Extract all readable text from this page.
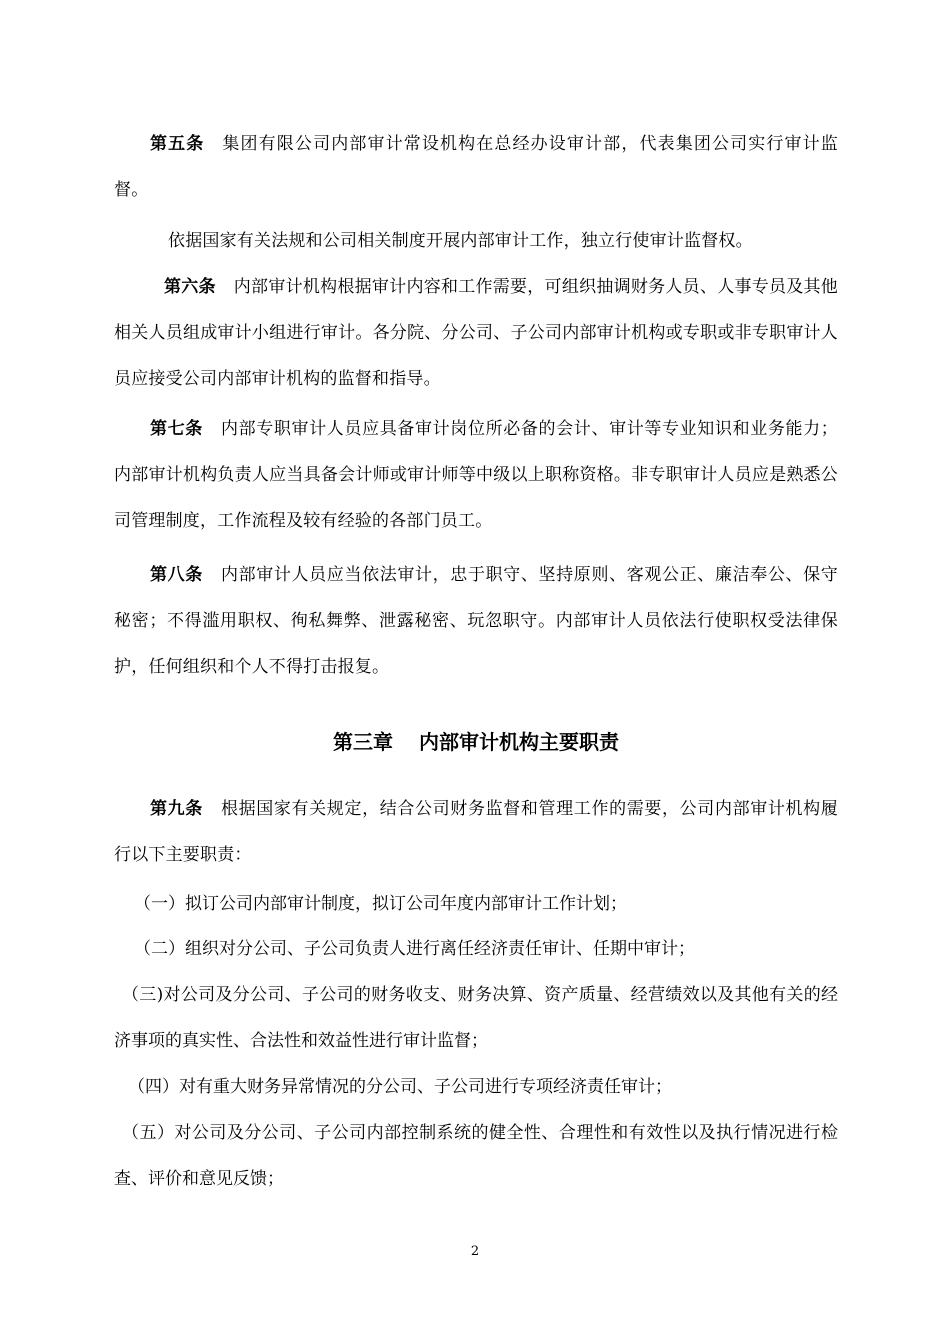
第五条 集团有限公司内部审计常设机构在总经办设审计部，代表集团公司实行审计监督。

依据国家有关法规和公司相关制度开展内部审计工作，独立行使审计监督权。

第六条 内部审计机构根据审计内容和工作需要，可组织抽调财务人员、人事专员及其他相关人员组成审计小组进行审计。各分院、分公司、子公司内部审计机构或专职或非专职审计人员应接受公司内部审计机构的监督和指导。

第七条 内部专职审计人员应具备审计岗位所必备的会计、审计等专业知识和业务能力；内部审计机构负责人应当具备会计师或审计师等中级以上职称资格。非专职审计人员应是熟悉公司管理制度，工作流程及较有经验的各部门员工。

第八条 内部审计人员应当依法审计，忠于职守、坚持原则、客观公正、廉洁奉公、保守秘密；不得滥用职权、徇私舞弊、泄露秘密、玩忽职守。内部审计人员依法行使职权受法律保护，任何组织和个人不得打击报复。

第三章 内部审计机构主要职责

第九条 根据国家有关规定，结合公司财务监督和管理工作的需要，公司内部审计机构履行以下主要职责：

（一）拟订公司内部审计制度，拟订公司年度内部审计工作计划；

（二）组织对分公司、子公司负责人进行离任经济责任审计、任期中审计；

（三)对公司及分公司、子公司的财务收支、财务决算、资产质量、经营绩效以及其他有关的经济事项的真实性、合法性和效益性进行审计监督；

（四）对有重大财务异常情况的分公司、子公司进行专项经济责任审计；

（五）对公司及分公司、子公司内部控制系统的健全性、合理性和有效性以及执行情况进行检查、评价和意见反馈；

2
